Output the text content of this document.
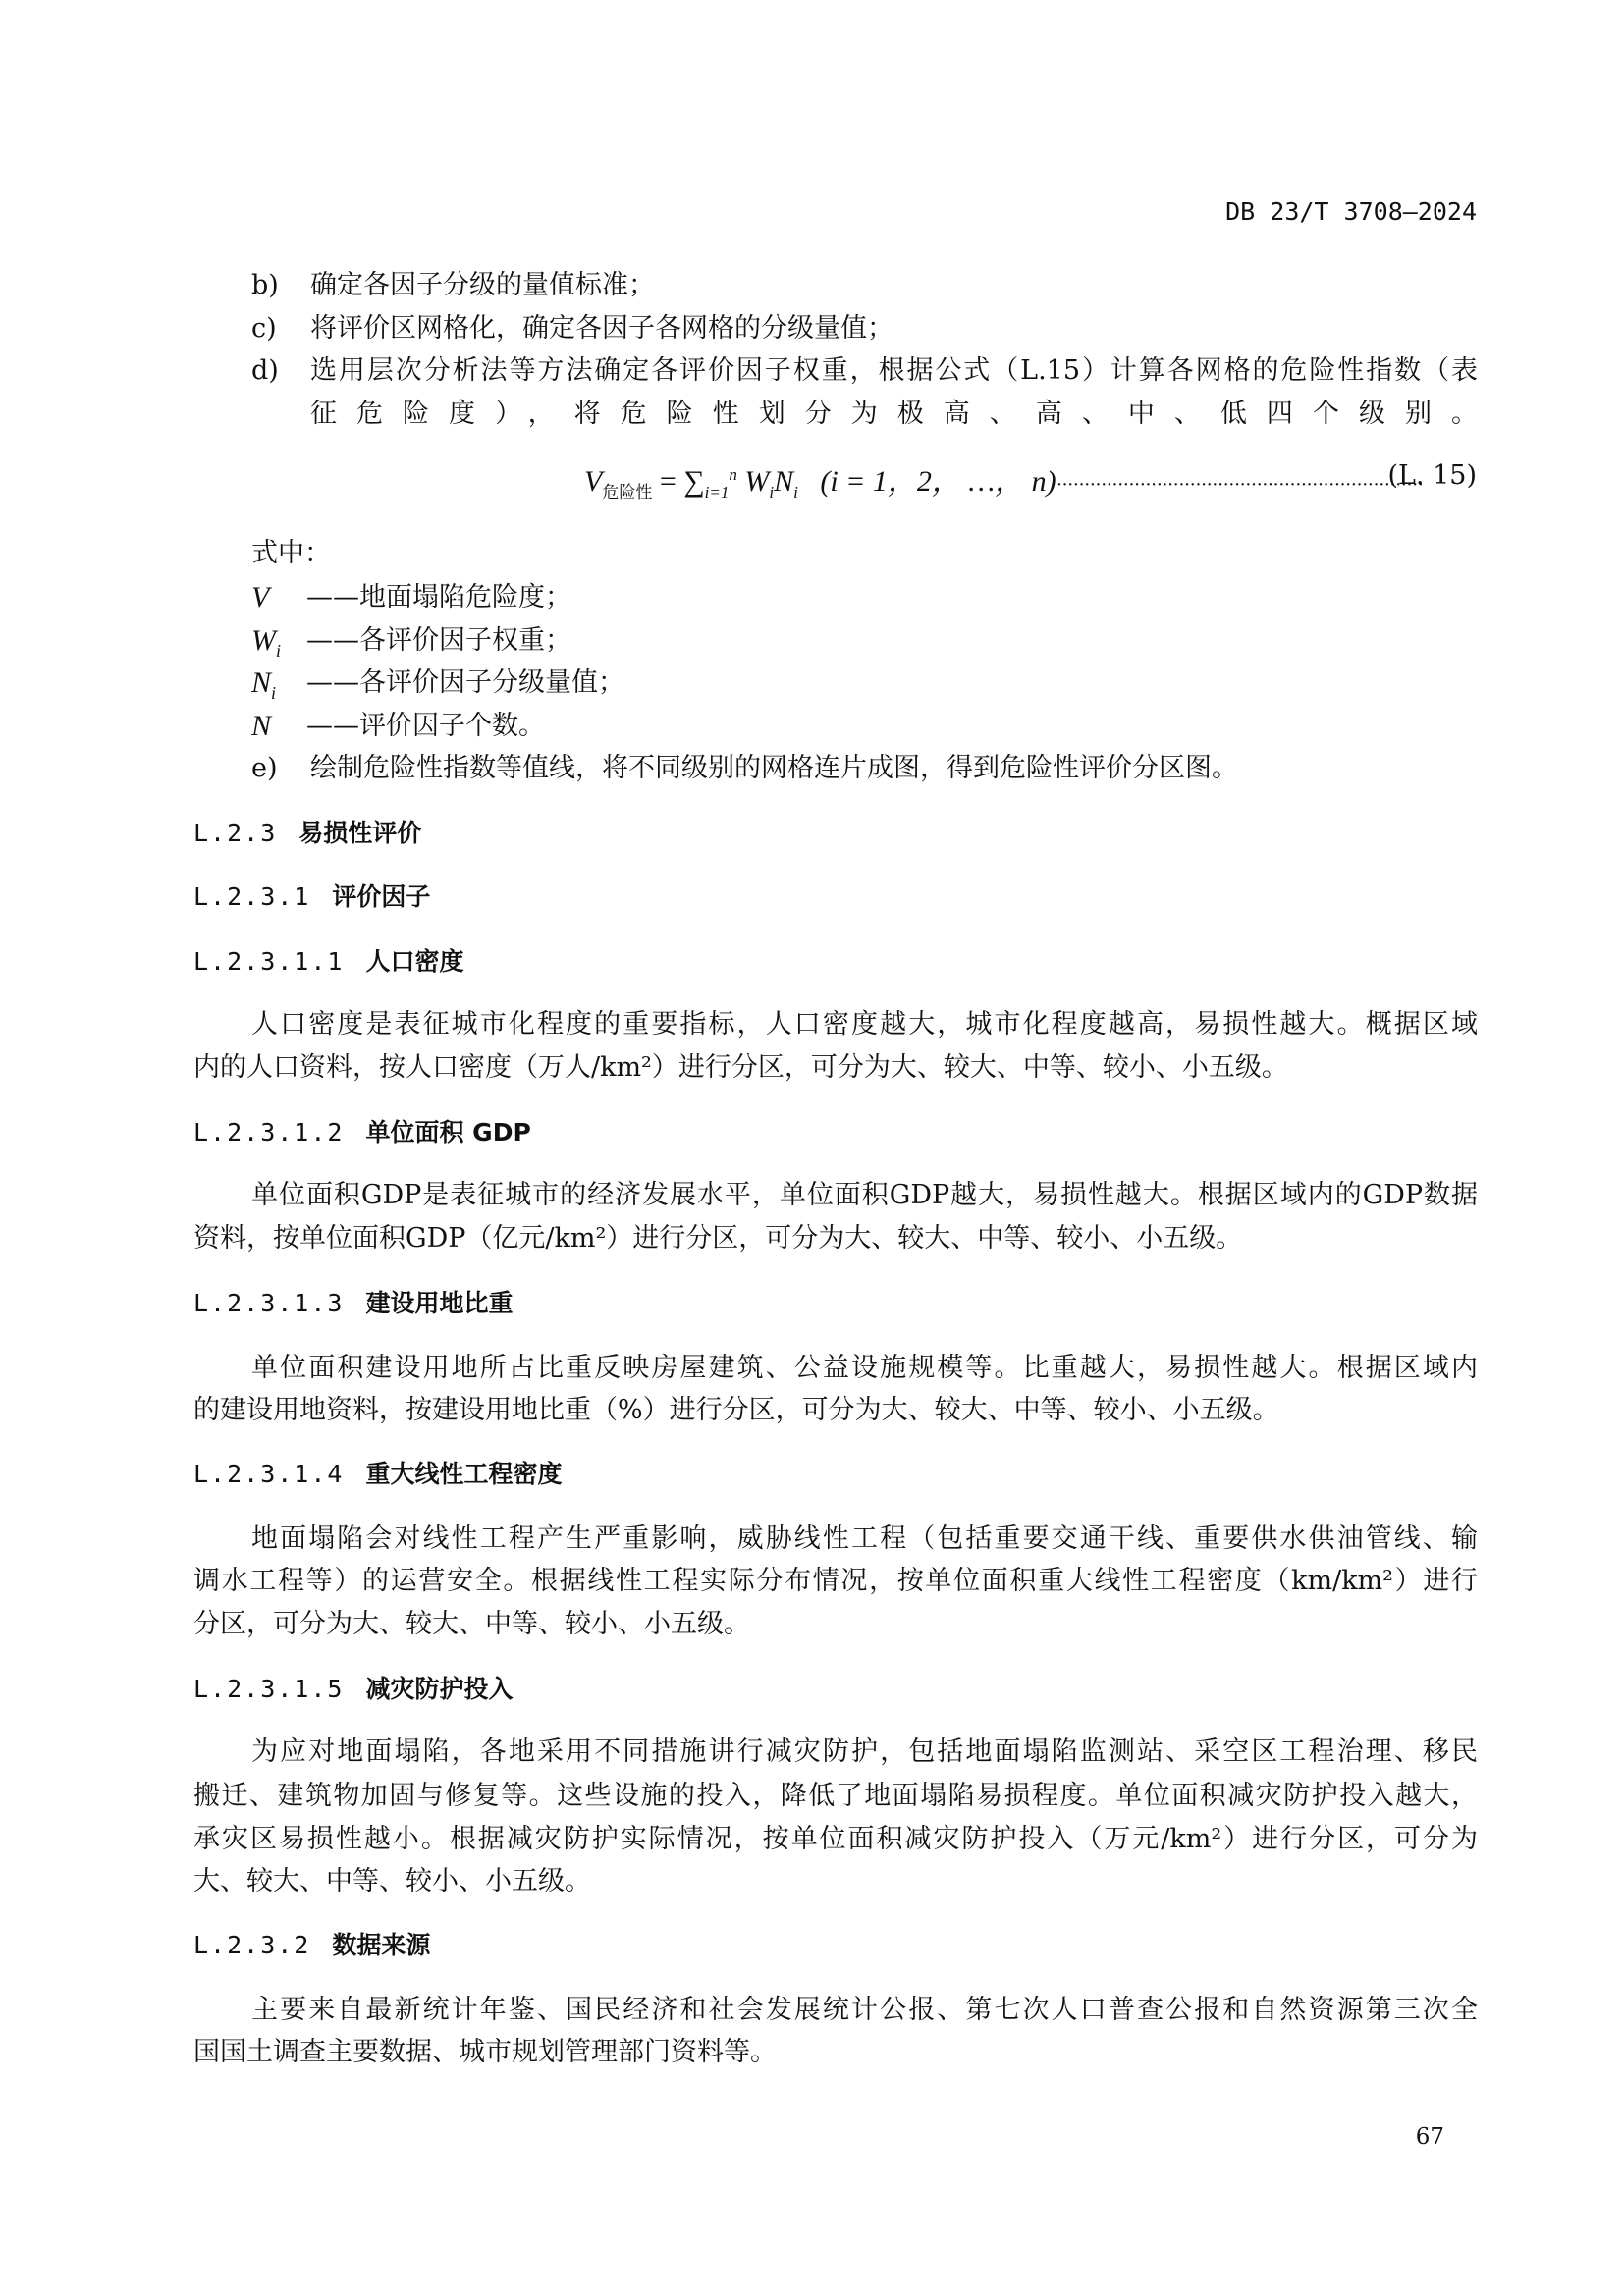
DB 23/T 3708—2024
b)	确定各因子分级的量值标准；
c)	将评价区网格化，确定各因子各网格的分级量值；
d)	选用层次分析法等方法确定各评价因子权重，根据公式（L.15）计算各网格的危险性指数（表
征危险度），将危险性划分为极高、高、中、低四个级别。
$V_{危险性} = \sum_{i=1}^n$ $W_iN_i$ (i = 1，2， …， n)··································································
(L. 15)
式中：
V	——地面塌陷危险度；
$W_i$ ——各评价因子权重；
$N_i$	——各评价因子分级量值；
N	——评价因子个数。
e)	绘制危险性指数等值线，将不同级别的网格连片成图，得到危险性评价分区图。
L.2.3 易损性评价
L.2.3.1 评价因子
L.2.3.1.1 人口密度
人口密度是表征城市化程度的重要指标，人口密度越大，城市化程度越高，易损性越大。概据区域
内的人口资料，按人口密度（万人/km²）进行分区，可分为大、较大、中等、较小、小五级。
L.2.3.1.2 单位面积 GDP
单位面积GDP是表征城市的经济发展水平，单位面积GDP越大，易损性越大。根据区域内的GDP数据
资料，按单位面积GDP（亿元/km²）进行分区，可分为大、较大、中等、较小、小五级。
L.2.3.1.3 建设用地比重
单位面积建设用地所占比重反映房屋建筑、公益设施规模等。比重越大，易损性越大。根据区域内
的建设用地资料，按建设用地比重（%）进行分区，可分为大、较大、中等、较小、小五级。
L.2.3.1.4 重大线性工程密度
地面塌陷会对线性工程产生严重影响，威胁线性工程（包括重要交通干线、重要供水供油管线、输
调水工程等）的运营安全。根据线性工程实际分布情况，按单位面积重大线性工程密度（km/km²）进行
分区，可分为大、较大、中等、较小、小五级。
L.2.3.1.5 减灾防护投入
为应对地面塌陷，各地采用不同措施讲行减灾防护，包括地面塌陷监测站、采空区工程治理、移民
搬迁、建筑物加固与修复等。这些设施的投入，降低了地面塌陷易损程度。单位面积减灾防护投入越大，
承灾区易损性越小。根据减灾防护实际情况，按单位面积减灾防护投入（万元/km²）进行分区，可分为
大、较大、中等、较小、小五级。
L.2.3.2 数据来源
主要来自最新统计年鉴、国民经济和社会发展统计公报、第七次人口普查公报和自然资源第三次全
国国土调查主要数据、城市规划管理部门资料等。
67
